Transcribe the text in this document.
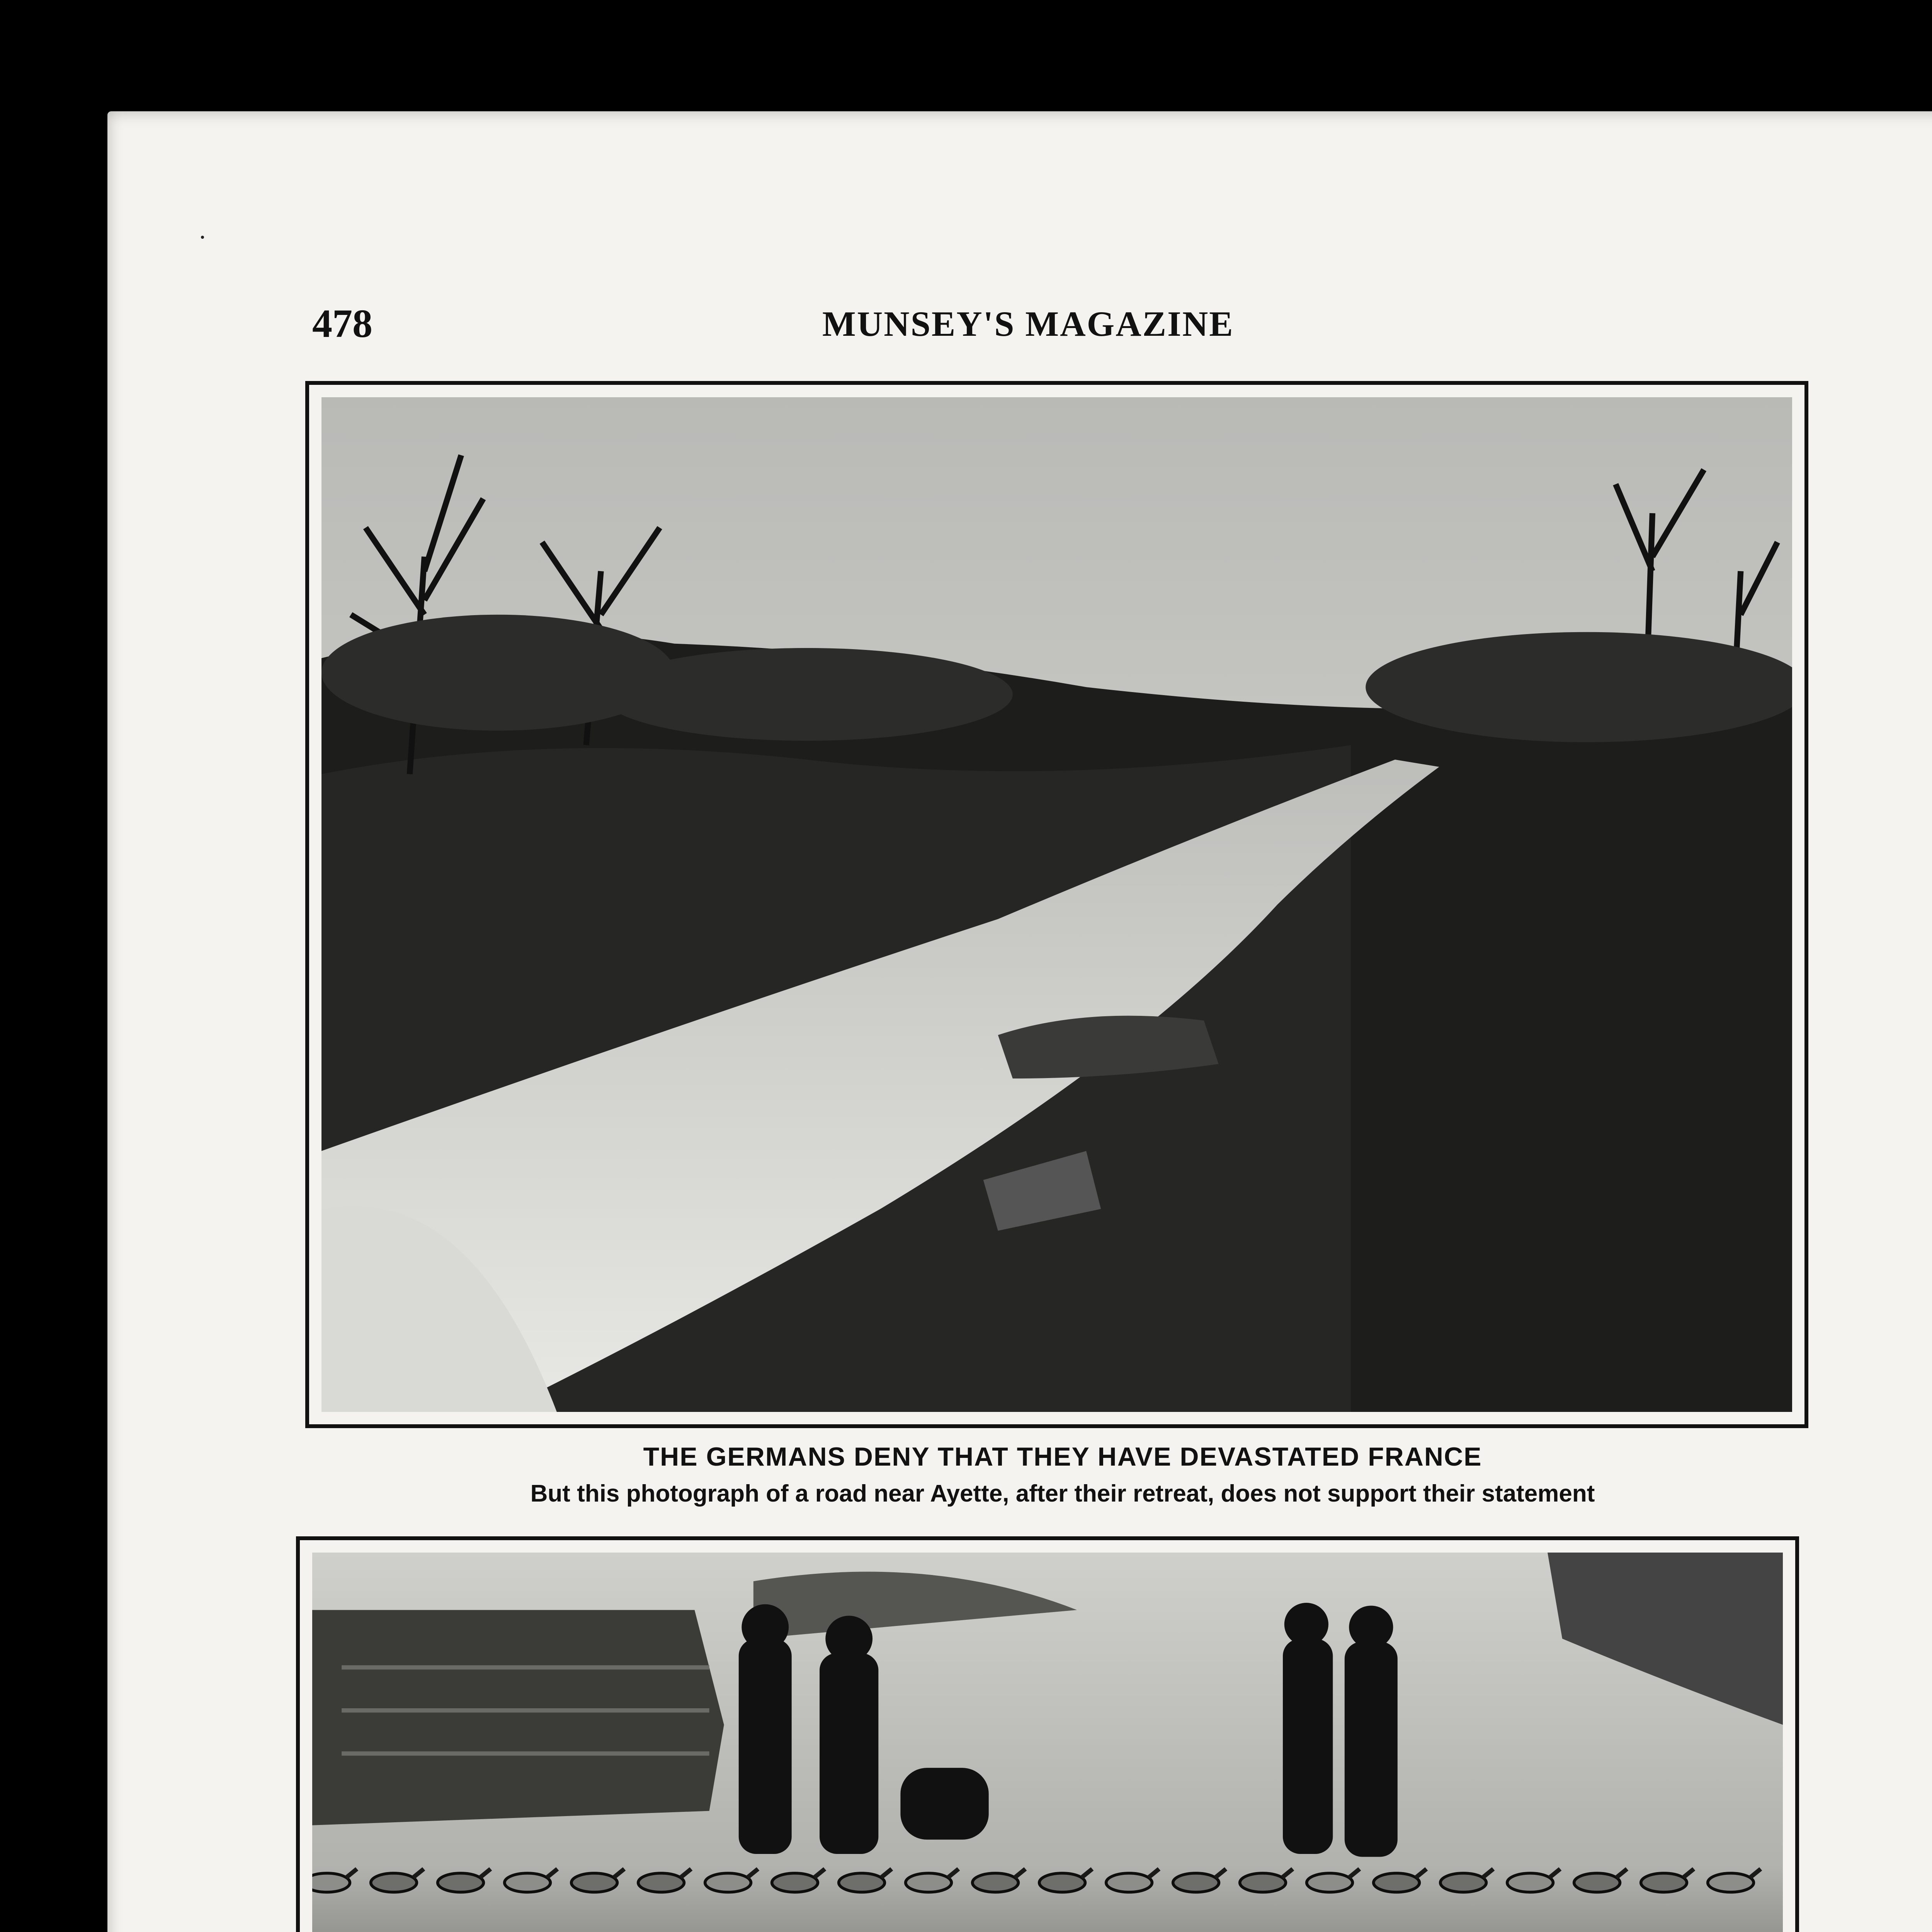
478	MUNSEY'S MAGAZINE
THE GERMANS DENY THAT THEY HAVE DEVASTATED FRANCE
But this photograph of a road near Ayette, after their retreat, does not support their statement
